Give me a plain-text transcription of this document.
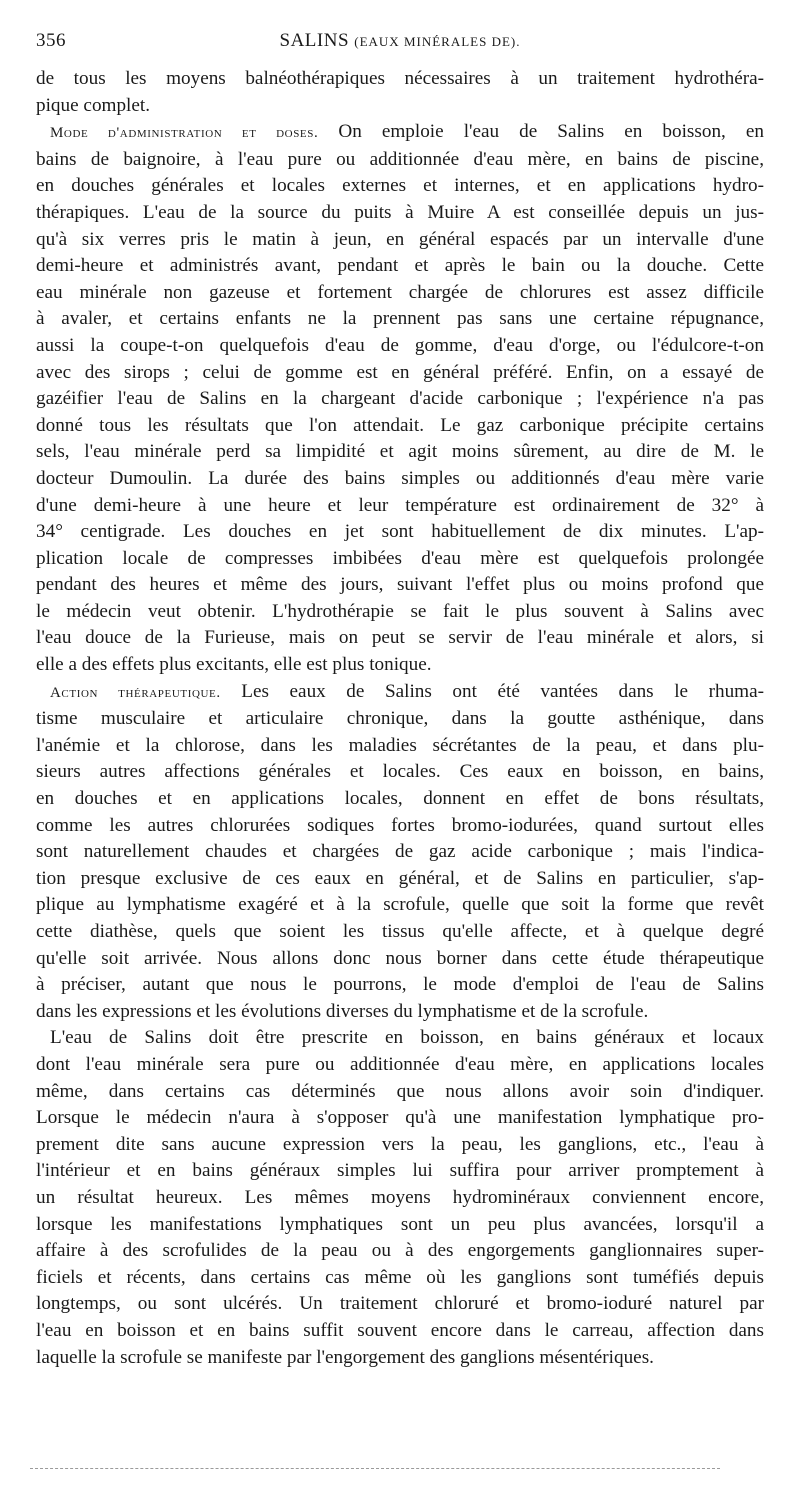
356	SALINS (EAUX MINÉRALES DE).
de tous les moyens balnéothérapiques nécessaires à un traitement hydrothéra-
pique complet.
Mode d'administration et doses. On emploie l'eau de Salins en boisson, en
bains de baignoire, à l'eau pure ou additionnée d'eau mère, en bains de piscine,
en douches générales et locales externes et internes, et en applications hydro-
thérapiques. L'eau de la source du puits à Muire A est conseillée depuis un jus-
qu'à six verres pris le matin à jeun, en général espacés par un intervalle d'une
demi-heure et administrés avant, pendant et après le bain ou la douche. Cette
eau minérale non gazeuse et fortement chargée de chlorures est assez difficile
à avaler, et certains enfants ne la prennent pas sans une certaine répugnance,
aussi la coupe-t-on quelquefois d'eau de gomme, d'eau d'orge, ou l'édulcore-t-on
avec des sirops ; celui de gomme est en général préféré. Enfin, on a essayé de
gazéifier l'eau de Salins en la chargeant d'acide carbonique ; l'expérience n'a pas
donné tous les résultats que l'on attendait. Le gaz carbonique précipite certains
sels, l'eau minérale perd sa limpidité et agit moins sûrement, au dire de M. le
docteur Dumoulin. La durée des bains simples ou additionnés d'eau mère varie
d'une demi-heure à une heure et leur température est ordinairement de 32° à
34° centigrade. Les douches en jet sont habituellement de dix minutes. L'ap-
plication locale de compresses imbibées d'eau mère est quelquefois prolongée
pendant des heures et même des jours, suivant l'effet plus ou moins profond que
le médecin veut obtenir. L'hydrothérapie se fait le plus souvent à Salins avec
l'eau douce de la Furieuse, mais on peut se servir de l'eau minérale et alors, si
elle a des effets plus excitants, elle est plus tonique.
Action thérapeutique. Les eaux de Salins ont été vantées dans le rhuma-
tisme musculaire et articulaire chronique, dans la goutte asthénique, dans
l'anémie et la chlorose, dans les maladies sécrétantes de la peau, et dans plu-
sieurs autres affections générales et locales. Ces eaux en boisson, en bains,
en douches et en applications locales, donnent en effet de bons résultats,
comme les autres chlorurées sodiques fortes bromo-iodurées, quand surtout elles
sont naturellement chaudes et chargées de gaz acide carbonique ; mais l'indica-
tion presque exclusive de ces eaux en général, et de Salins en particulier, s'ap-
plique au lymphatisme exagéré et à la scrofule, quelle que soit la forme que revêt
cette diathèse, quels que soient les tissus qu'elle affecte, et à quelque degré
qu'elle soit arrivée. Nous allons donc nous borner dans cette étude thérapeutique
à préciser, autant que nous le pourrons, le mode d'emploi de l'eau de Salins
dans les expressions et les évolutions diverses du lymphatisme et de la scrofule.
L'eau de Salins doit être prescrite en boisson, en bains généraux et locaux
dont l'eau minérale sera pure ou additionnée d'eau mère, en applications locales
même, dans certains cas déterminés que nous allons avoir soin d'indiquer.
Lorsque le médecin n'aura à s'opposer qu'à une manifestation lymphatique pro-
prement dite sans aucune expression vers la peau, les ganglions, etc., l'eau à
l'intérieur et en bains généraux simples lui suffira pour arriver promptement à
un résultat heureux. Les mêmes moyens hydrominéraux conviennent encore,
lorsque les manifestations lymphatiques sont un peu plus avancées, lorsqu'il a
affaire à des scrofulides de la peau ou à des engorgements ganglionnaires super-
ficiels et récents, dans certains cas même où les ganglions sont tuméfiés depuis
longtemps, ou sont ulcérés. Un traitement chloruré et bromo-ioduré naturel par
l'eau en boisson et en bains suffit souvent encore dans le carreau, affection dans
laquelle la scrofule se manifeste par l'engorgement des ganglions mésentériques.
